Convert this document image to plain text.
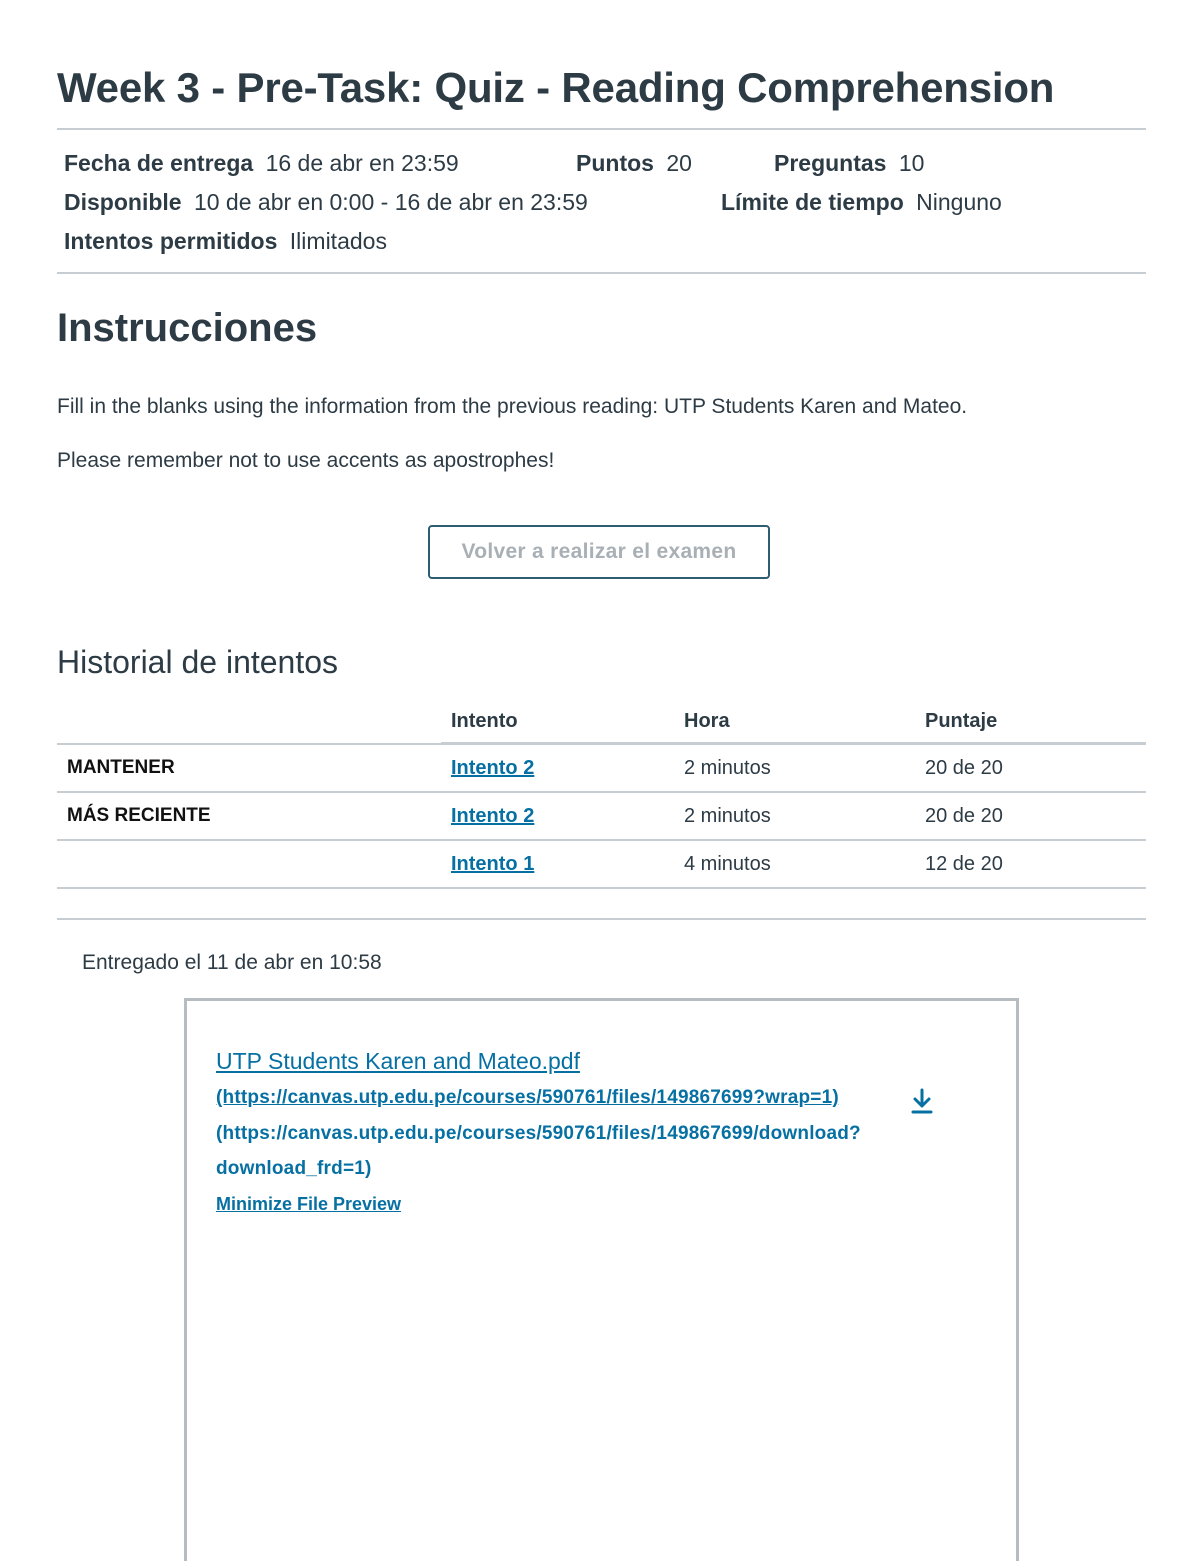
Week 3 - Pre-Task: Quiz - Reading Comprehension
Fecha de entrega 16 de abr en 23:59	Puntos 20	Preguntas 10
Disponible 10 de abr en 0:00 - 16 de abr en 23:59	Límite de tiempo Ninguno
Intentos permitidos Ilimitados
Instrucciones

Fill in the blanks using the information from the previous reading: UTP Students Karen and Mateo.

Please remember not to use accents as apostrophes!

Volver a realizar el examen
Historial de intentos
	Intento	Hora	Puntaje
MANTENER	Intento 2	2 minutos	20 de 20
MÁS RECIENTE	Intento 2	2 minutos	20 de 20
	Intento 1	4 minutos	12 de 20
Entregado el 11 de abr en 10:58
UTP Students Karen and Mateo.pdf
(https://canvas.utp.edu.pe/courses/590761/files/149867699?wrap=1)
(https://canvas.utp.edu.pe/courses/590761/files/149867699/download?
download_frd=1)
Minimize File Preview
